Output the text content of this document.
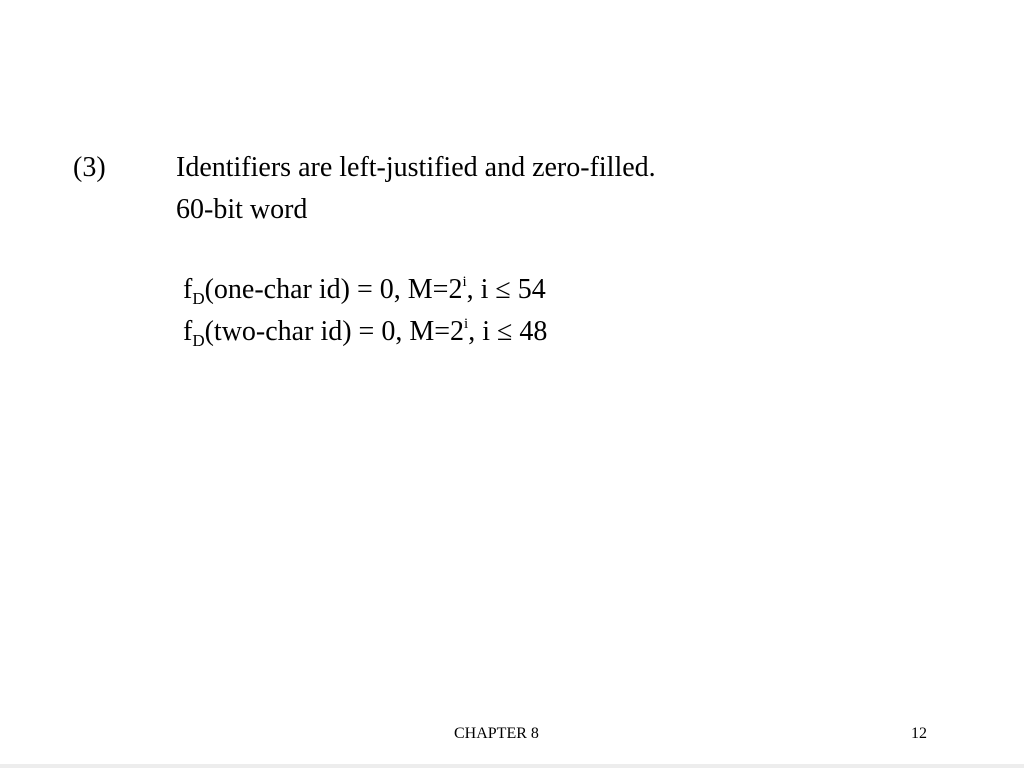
(3)	Identifiers are left-justified and zero-filled.
60-bit word
$f_D(one$-char id) = 0, $M=2^i$, i ≤ 54
$f_D(two$-char id) = 0, $M=2^i$, i ≤ 48
CHAPTER 8	12
